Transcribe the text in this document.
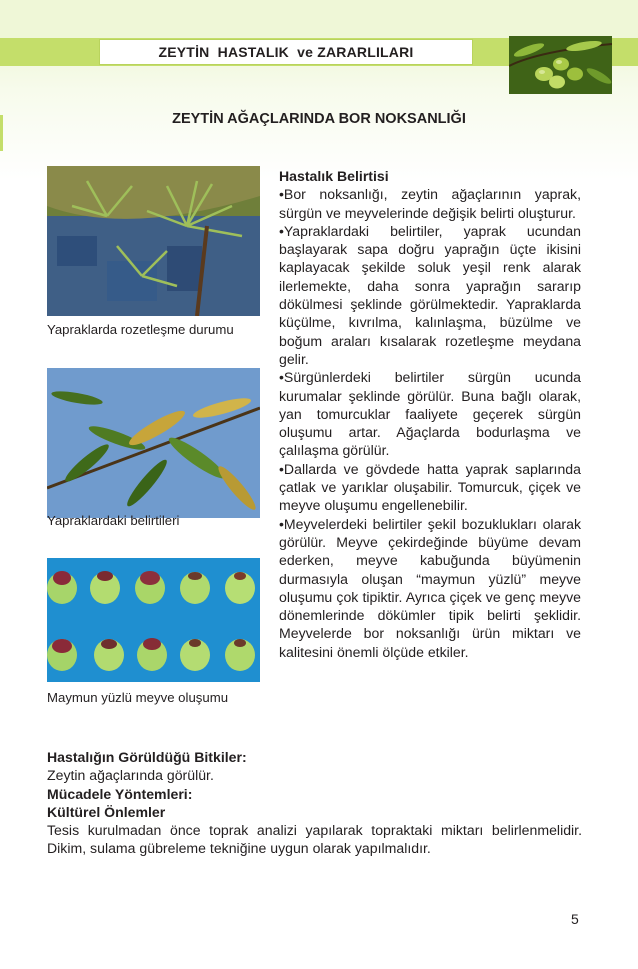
ZEYTİN  HASTALIK  ve ZARARLILARI
ZEYTİN AĞAÇLARINDA BOR NOKSANLIĞI
Yapraklarda rozetleşme durumu
Yapraklardaki belirtileri
Maymun yüzlü meyve oluşumu

Hastalık Belirtisi

•Bor noksanlığı, zeytin ağaçlarının yaprak, sürgün ve meyvelerinde değişik belirti oluşturur.

•Yapraklardaki belirtiler, yaprak ucundan başlayarak sapa doğru yaprağın üçte ikisini kaplayacak şekilde soluk yeşil renk alarak ilerlemekte, daha sonra yaprağın sararıp dökülmesi şeklinde görülmektedir. Yapraklarda küçülme, kıvrılma, kalınlaşma, büzülme ve boğum araları kısalarak rozetleşme meydana gelir.

•Sürgünlerdeki belirtiler sürgün ucunda kurumalar şeklinde görülür. Buna bağlı olarak, yan tomurcuklar faaliyete geçerek sürgün oluşumu artar. Ağaçlarda bodurlaşma ve çalılaşma görülür.

•Dallarda ve gövdede hatta yaprak saplarında çatlak ve yarıklar oluşabilir. Tomurcuk, çiçek ve meyve oluşumu engellenebilir.

•Meyvelerdeki belirtiler şekil bozuklukları olarak görülür. Meyve çekirdeğinde büyüme devam ederken, meyve kabuğunda büyümenin durmasıyla oluşan “maymun yüzlü” meyve oluşumu çok tipiktir. Ayrıca çiçek ve genç meyve dönemlerinde dökümler tipik belirti şeklidir. Meyvelerde bor noksanlığı ürün miktarı ve kalitesini önemli ölçüde etkiler.

Hastalığın Görüldüğü Bitkiler:

Zeytin ağaçlarında görülür.

Mücadele Yöntemleri:

Kültürel Önlemler

Tesis kurulmadan önce toprak analizi yapılarak topraktaki miktarı belirlenmelidir. Dikim, sulama gübreleme tekniğine uygun olarak yapılmalıdır.

5
